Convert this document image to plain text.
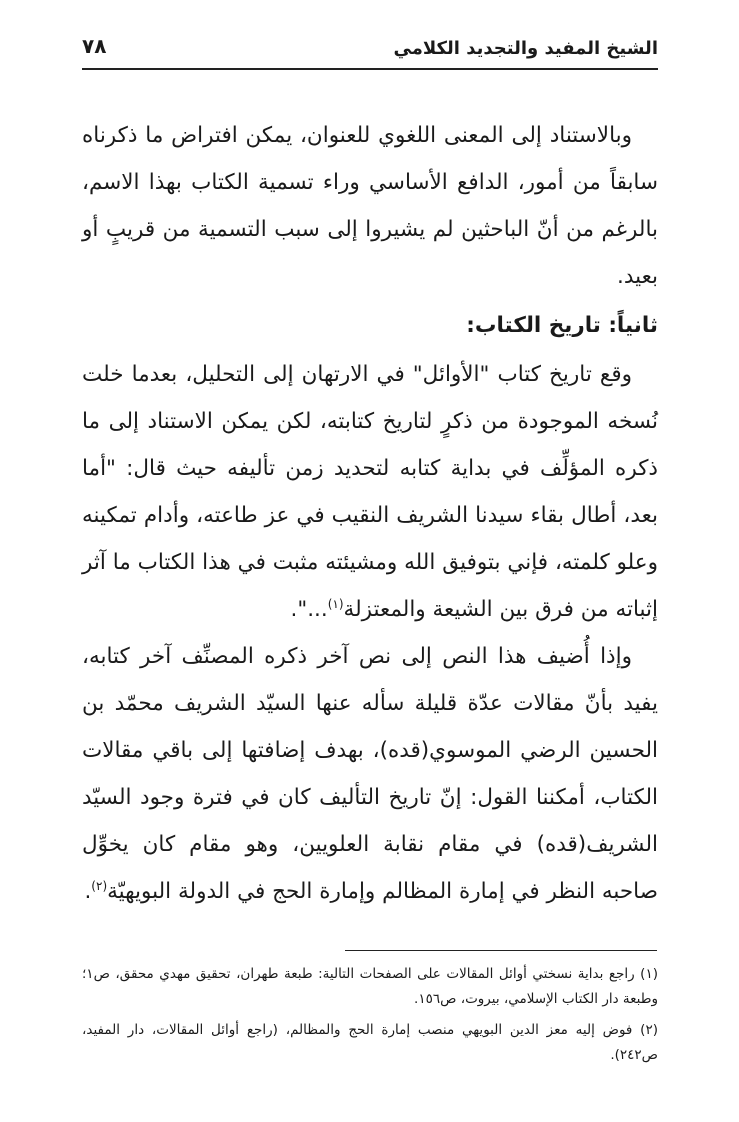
الشيخ المفيد والتجديد الكلامي
٧٨

وبالاستناد إلى المعنى اللغوي للعنوان، يمكن افتراض ما ذكرناه سابقاً من أمور، الدافع الأساسي وراء تسمية الكتاب بهذا الاسم، بالرغم من أنّ الباحثين لم يشيروا إلى سبب التسمية من قريبٍ أو بعيد.

ثانياً: تاريخ الكتاب:

وقع تاريخ كتاب "الأوائل" في الارتهان إلى التحليل، بعدما خلت نُسخه الموجودة من ذكرٍ لتاريخ كتابته، لكن يمكن الاستناد إلى ما ذكره المؤلِّف في بداية كتابه لتحديد زمن تأليفه حيث قال: "أما بعد، أطال بقاء سيدنا الشريف النقيب في عز طاعته، وأدام تمكينه وعلو كلمته، فإني بتوفيق الله ومشيئته مثبت في هذا الكتاب ما آثر إثباته من فرق بين الشيعة والمعتزلة$^{(١)}$...".

وإذا أُضيف هذا النص إلى نص آخر ذكره المصنِّف آخر كتابه، يفيد بأنّ مقالات عدّة قليلة سأله عنها السيّد الشريف محمّد بن الحسين الرضي الموسوي(قده)، بهدف إضافتها إلى باقي مقالات الكتاب، أمكننا القول: إنّ تاريخ التأليف كان في فترة وجود السيّد الشريف(قده) في مقام نقابة العلويين، وهو مقام كان يخوِّل صاحبه النظر في إمارة المظالم وإمارة الحج في الدولة البويهيّة$^{(٢)}$.

(١) راجع بداية نسختي أوائل المقالات على الصفحات التالية: طبعة طهران، تحقيق مهدي محقق، ص١؛ وطبعة دار الكتاب الإسلامي، بيروت، ص١٥٦.

(٢) فوض إليه معز الدين البويهي منصب إمارة الحج والمظالم، (راجع أوائل المقالات، دار المفيد، ص٢٤٢).
